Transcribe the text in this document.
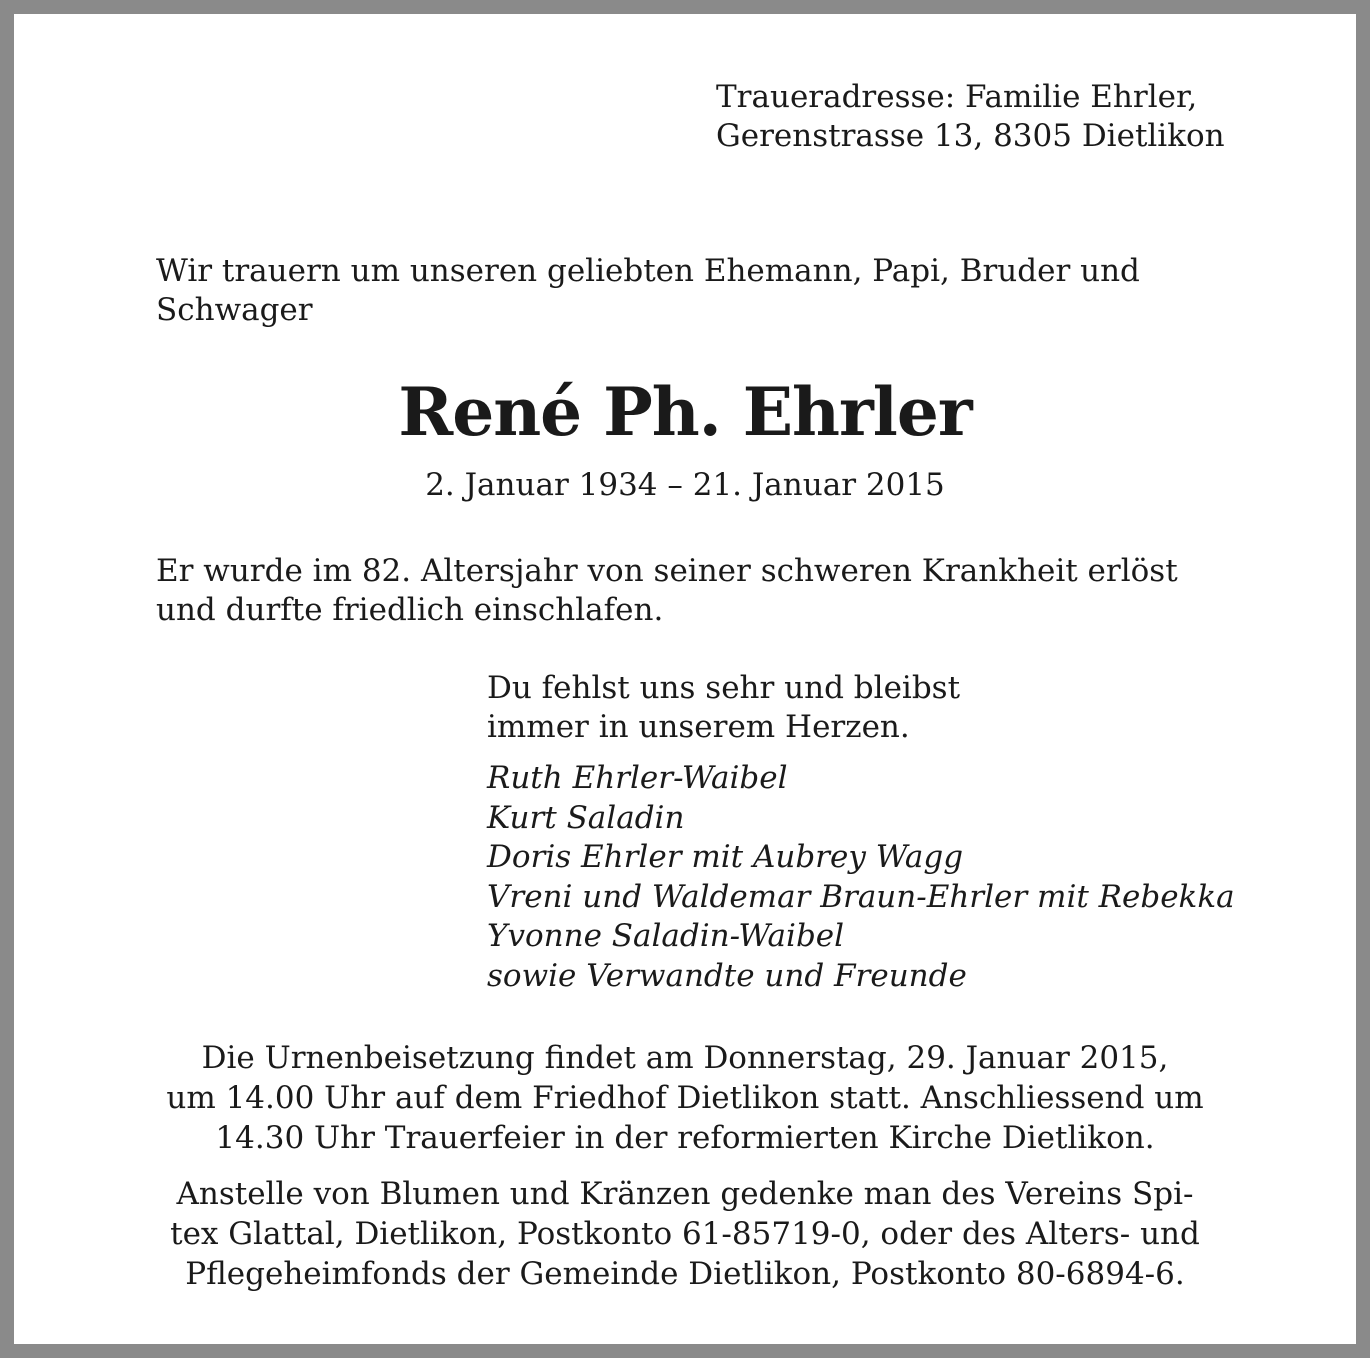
Traueradresse: Familie Ehrler,
Gerenstrasse 13, 8305 Dietlikon
Wir trauern um unseren geliebten Ehemann, Papi, Bruder und
Schwager
René Ph. Ehrler
2. Januar 1934 – 21. Januar 2015
Er wurde im 82. Altersjahr von seiner schweren Krankheit erlöst
und durfte friedlich einschlafen.
Du fehlst uns sehr und bleibst
immer in unserem Herzen.
Ruth Ehrler-Waibel
Kurt Saladin
Doris Ehrler mit Aubrey Wagg
Vreni und Waldemar Braun-Ehrler mit Rebekka
Yvonne Saladin-Waibel
sowie Verwandte und Freunde
Die Urnenbeisetzung findet am Donnerstag, 29. Januar 2015,
um 14.00 Uhr auf dem Friedhof Dietlikon statt. Anschliessend um
14.30 Uhr Trauerfeier in der reformierten Kirche Dietlikon.
Anstelle von Blumen und Kränzen gedenke man des Vereins Spi-
tex Glattal, Dietlikon, Postkonto 61-85719-0, oder des Alters- und
Pflegeheimfonds der Gemeinde Dietlikon, Postkonto 80-6894-6.
